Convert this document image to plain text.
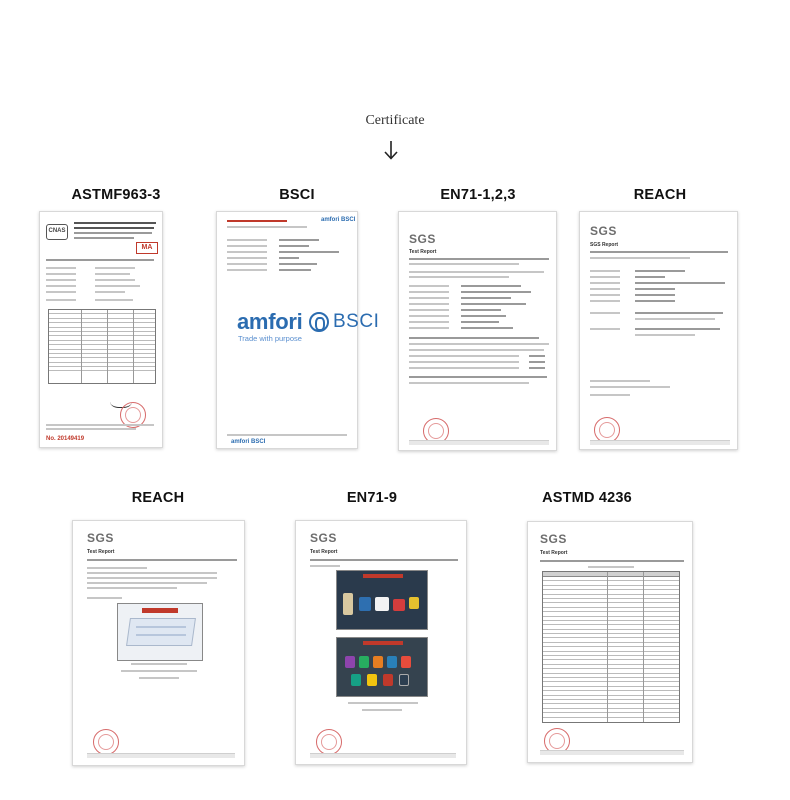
Certificate
ASTMF963-3	BSCI	EN71-1,2,3	REACH
CNAS
MA
No. 20149419
amfori BSCI
amfori BSCI
Trade with purpose
amfori BSCI
SGS
Test Report
SGS
SGS Report
REACH	EN71-9	ASTMD 4236
SGS
Test Report
SGS
Test Report
SGS
Test Report
